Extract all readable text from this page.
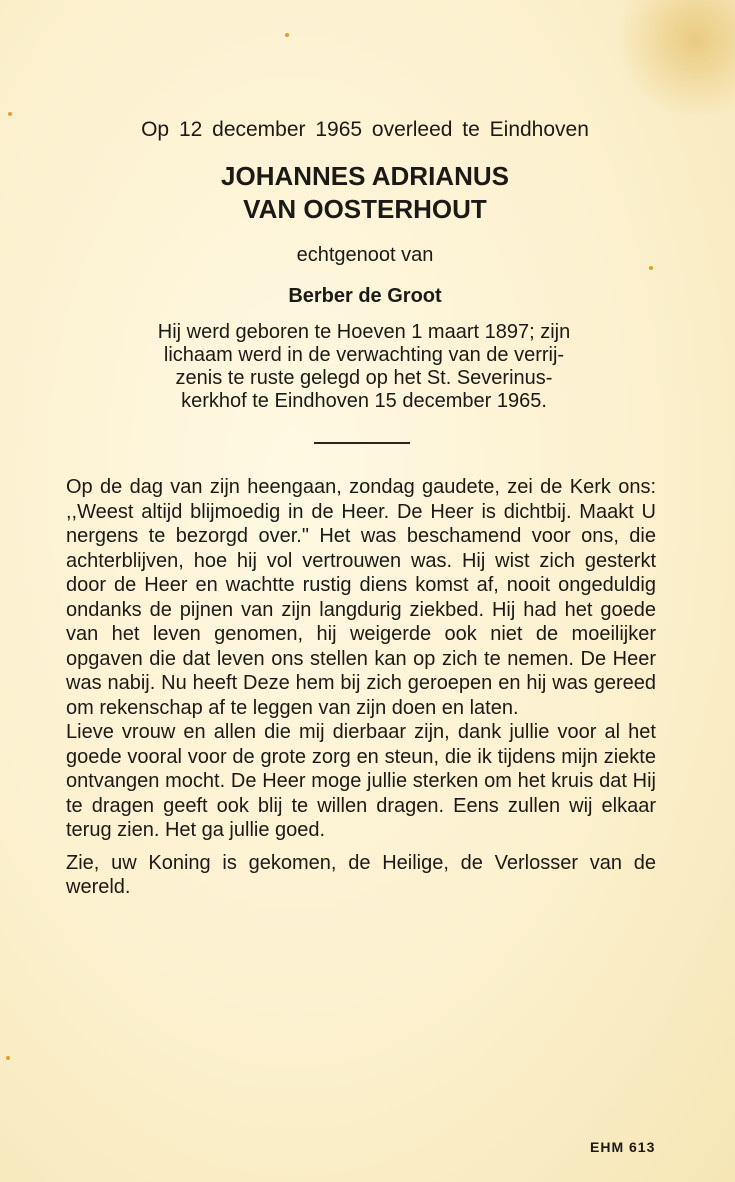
Op 12 december 1965 overleed te Eindhoven
JOHANNES ADRIANUS
VAN OOSTERHOUT
echtgenoot van
Berber de Groot
Hij werd geboren te Hoeven 1 maart 1897; zijn
lichaam werd in de verwachting van de verrij-
zenis te ruste gelegd op het St. Severinus-
kerkhof te Eindhoven 15 december 1965.

Op de dag van zijn heengaan, zondag gaudete, zei de Kerk ons: ,,Weest altijd blijmoedig in de Heer. De Heer is dichtbij. Maakt U nergens te bezorgd over." Het was beschamend voor ons, die achterblijven, hoe hij vol vertrouwen was. Hij wist zich gesterkt door de Heer en wachtte rustig diens komst af, nooit ongeduldig ondanks de pijnen van zijn langdurig ziekbed. Hij had het goede van het leven genomen, hij weigerde ook niet de moeilijker opgaven die dat leven ons stellen kan op zich te nemen. De Heer was nabij. Nu heeft Deze hem bij zich geroepen en hij was gereed om rekenschap af te leggen van zijn doen en laten.

Lieve vrouw en allen die mij dierbaar zijn, dank jullie voor al het goede vooral voor de grote zorg en steun, die ik tijdens mijn ziekte ontvangen mocht. De Heer moge jullie sterken om het kruis dat Hij te dragen geeft ook blij te willen dragen. Eens zullen wij elkaar terug zien. Het ga jullie goed.

Zie, uw Koning is gekomen, de Heilige, de Verlosser van de wereld.

EHM 613
